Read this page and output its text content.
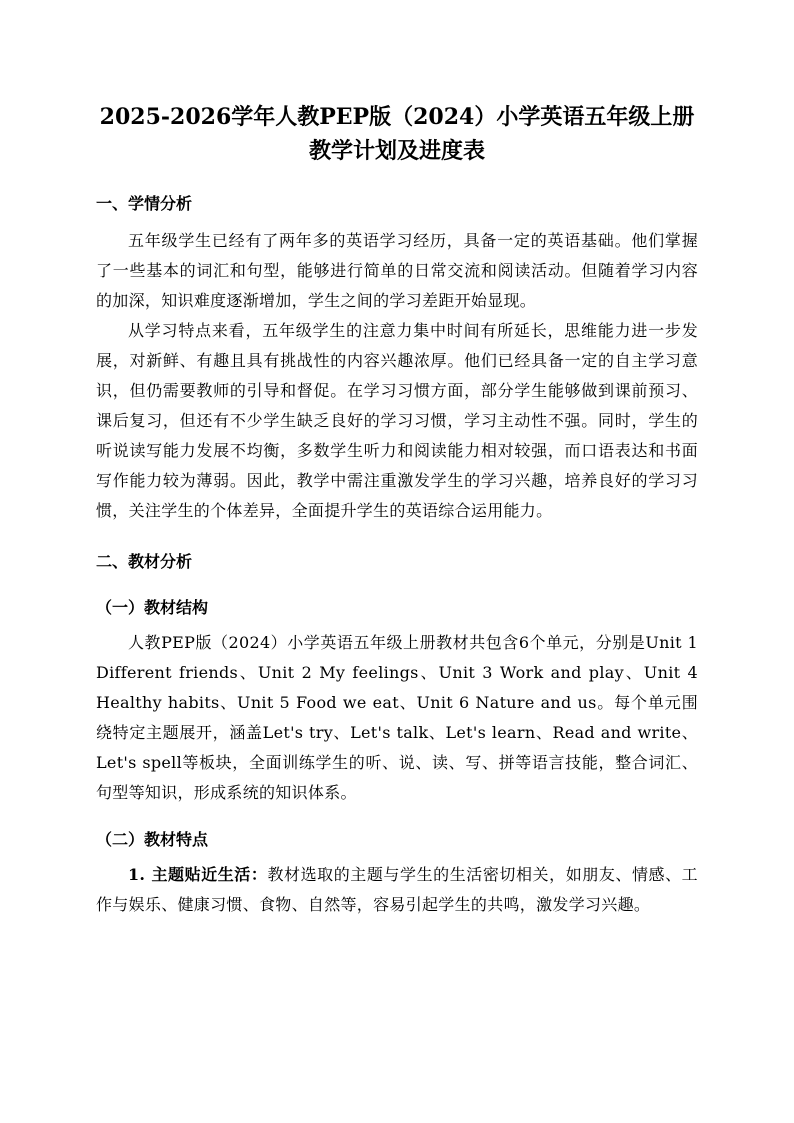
2025-2026学年人教PEP版（2024）小学英语五年级上册
教学计划及进度表
一、学情分析

五年级学生已经有了两年多的英语学习经历，具备一定的英语基础。他们掌握了一些基本的词汇和句型，能够进行简单的日常交流和阅读活动。但随着学习内容的加深，知识难度逐渐增加，学生之间的学习差距开始显现。

从学习特点来看，五年级学生的注意力集中时间有所延长，思维能力进一步发展，对新鲜、有趣且具有挑战性的内容兴趣浓厚。他们已经具备一定的自主学习意识，但仍需要教师的引导和督促。在学习习惯方面，部分学生能够做到课前预习、课后复习，但还有不少学生缺乏良好的学习习惯，学习主动性不强。同时，学生的听说读写能力发展不均衡，多数学生听力和阅读能力相对较强，而口语表达和书面写作能力较为薄弱。因此，教学中需注重激发学生的学习兴趣，培养良好的学习习惯，关注学生的个体差异，全面提升学生的英语综合运用能力。

二、教材分析
（一）教材结构

人教PEP版（2024）小学英语五年级上册教材共包含6个单元，分别是Unit 1 Different friends、Unit 2 My feelings、Unit 3 Work and play、Unit 4 Healthy habits、Unit 5 Food we eat、Unit 6 Nature and us。每个单元围绕特定主题展开，涵盖Let's try、Let's talk、Let's learn、Read and write、Let's spell等板块，全面训练学生的听、说、读、写、拼等语言技能，整合词汇、句型等知识，形成系统的知识体系。

（二）教材特点

1. 主题贴近生活：教材选取的主题与学生的生活密切相关，如朋友、情感、工作与娱乐、健康习惯、食物、自然等，容易引起学生的共鸣，激发学习兴趣。
